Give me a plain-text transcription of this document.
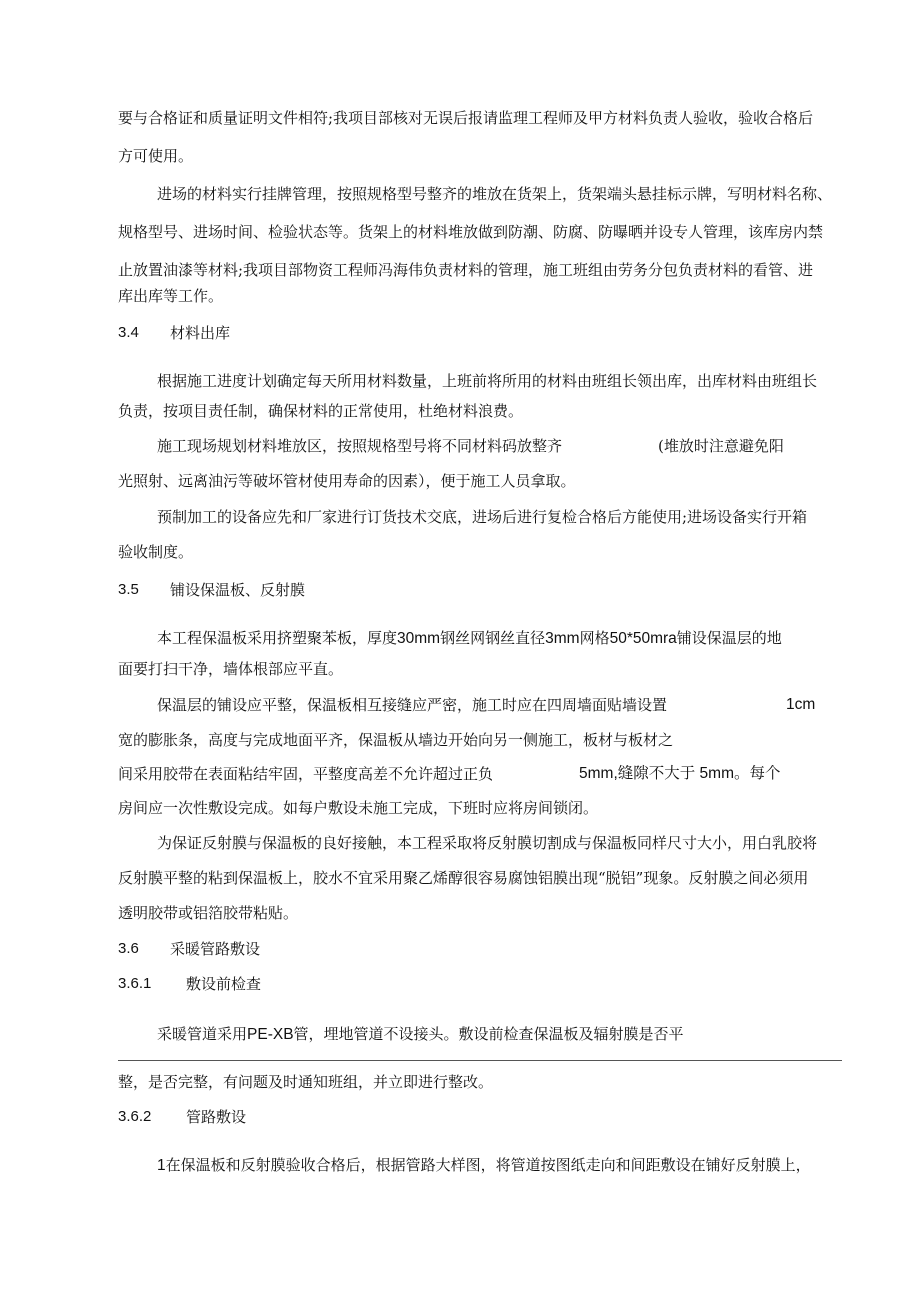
要与合格证和质量证明文件相符;我项目部核对无误后报请监理工程师及甲方材料负责人验收，验收合格后
方可使用。
进场的材料实行挂牌管理，按照规格型号整齐的堆放在货架上，货架端头悬挂标示牌，写明材料名称、
规格型号、进场时间、检验状态等。货架上的材料堆放做到防潮、防腐、防曝晒并设专人管理，该库房内禁
止放置油漆等材料;我项目部物资工程师冯海伟负责材料的管理，施工班组由劳务分包负责材料的看管、进
库出库等工作。
3.4 材料出库
根据施工进度计划确定每天所用材料数量，上班前将所用的材料由班组长领出库，出库材料由班组长
负责，按项目责任制，确保材料的正常使用，杜绝材料浪费。
施工现场规划材料堆放区，按照规格型号将不同材料码放整齐	(堆放时注意避免阳
光照射、远离油污等破坏管材使用寿命的因素），便于施工人员拿取。
预制加工的设备应先和厂家进行订货技术交底，进场后进行复检合格后方能使用;进场设备实行开箱
验收制度。
3.5 铺设保温板、反射膜
本工程保温板采用挤塑聚苯板，厚度30mm钢丝网钢丝直径3mm网格50*50mra铺设保温层的地
面要打扫干净，墙体根部应平直。
保温层的铺设应平整，保温板相互接缝应严密，施工时应在四周墙面贴墙设置	1cm
宽的膨胀条，高度与完成地面平齐，保温板从墙边开始向另一侧施工，板材与板材之
间采用胶带在表面粘结牢固，平整度高差不允许超过正负	5mm,缝隙不大于 5mm。每个
房间应一次性敷设完成。如每户敷设未施工完成，下班时应将房间锁闭。
为保证反射膜与保温板的良好接触，本工程采取将反射膜切割成与保温板同样尺寸大小，用白乳胶将
反射膜平整的粘到保温板上，胶水不宜采用聚乙烯醇很容易腐蚀铝膜出现“脱铝”现象。反射膜之间必须用
透明胶带或铝箔胶带粘贴。
3.6 采暖管路敷设
3.6.1 敷设前检查
采暖管道采用PE-XB管，埋地管道不设接头。敷设前检查保温板及辐射膜是否平
整，是否完整，有问题及时通知班组，并立即进行整改。
3.6.2 管路敷设
1在保温板和反射膜验收合格后，根据管路大样图，将管道按图纸走向和间距敷设在铺好反射膜上，
